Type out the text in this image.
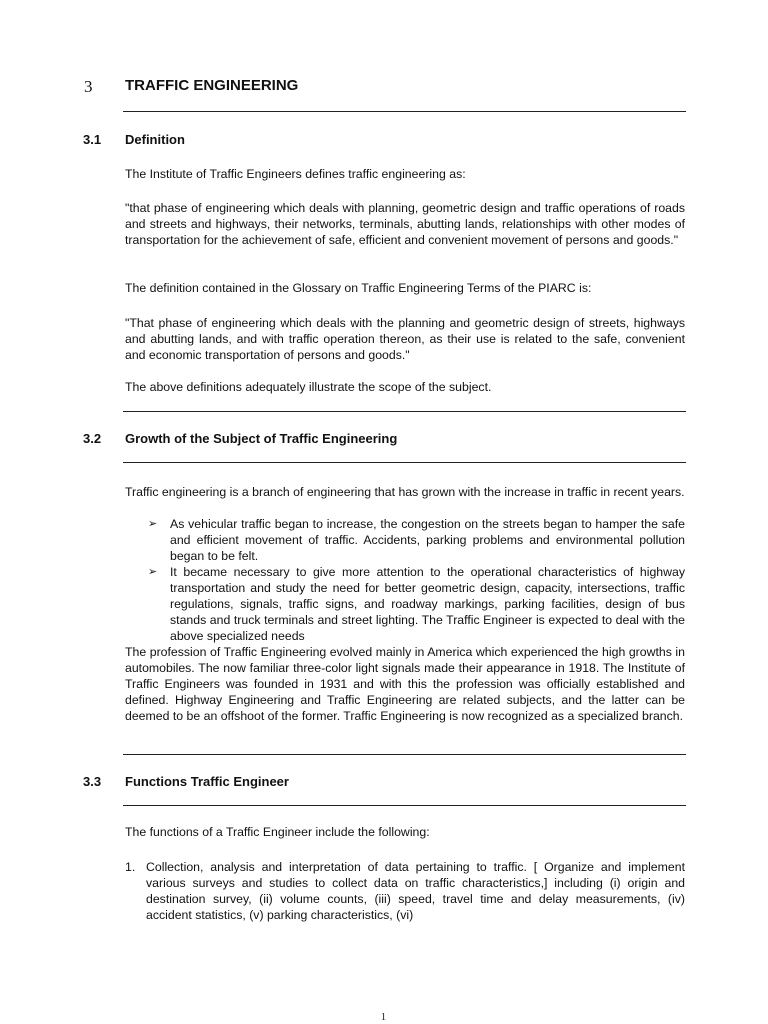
3 TRAFFIC ENGINEERING
3.1 Definition

The Institute of Traffic Engineers defines traffic engineering as:

"that phase of engineering which deals with planning, geometric design and traffic operations of roads and streets and highways, their networks, terminals, abutting lands, relationships with other modes of transportation for the achievement of safe, efficient and convenient movement of persons and goods."

The definition contained in the Glossary on Traffic Engineering Terms of the PIARC is:

"That phase of engineering which deals with the planning and geometric design of streets, highways and abutting lands, and with traffic operation thereon, as their use is related to the safe, convenient and economic transportation of persons and goods."

The above definitions adequately illustrate the scope of the subject.

3.2 Growth of the Subject of Traffic Engineering

Traffic engineering is a branch of engineering that has grown with the increase in traffic in recent years.

➢ As vehicular traffic began to increase, the congestion on the streets began to hamper the safe and efficient movement of traffic. Accidents, parking problems and environmental pollution began to be felt.
➢ It became necessary to give more attention to the operational characteristics of highway transportation and study the need for better geometric design, capacity, intersections, traffic regulations, signals, traffic signs, and roadway markings, parking facilities, design of bus stands and truck terminals and street lighting. The Traffic Engineer is expected to deal with the above specialized needs

The profession of Traffic Engineering evolved mainly in America which experienced the high growths in automobiles. The now familiar three-color light signals made their appearance in 1918. The Institute of Traffic Engineers was founded in 1931 and with this the profession was officially established and defined. Highway Engineering and Traffic Engineering are related subjects, and the latter can be deemed to be an offshoot of the former. Traffic Engineering is now recognized as a specialized branch.

3.3 Functions Traffic Engineer

The functions of a Traffic Engineer include the following:

1. Collection, analysis and interpretation of data pertaining to traffic. [ Organize and implement various surveys and studies to collect data on traffic characteristics,] including (i) origin and destination survey, (ii) volume counts, (iii) speed, travel time and delay measurements, (iv) accident statistics, (v) parking characteristics, (vi)
1
